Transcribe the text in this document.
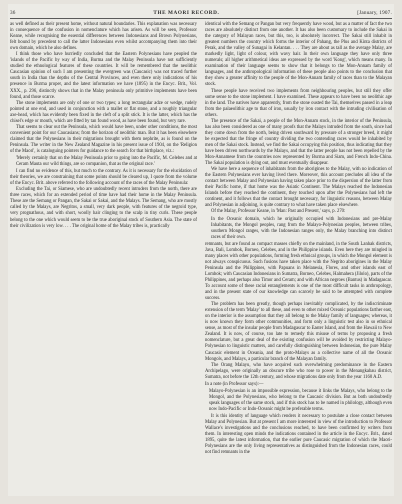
36	THE MAORI RECORD.	[January, 1907.

as well defined as their present home, without natural boundaries. This explanation was necessary in consequence of the confusion in nomenclature which has arisen. As will be seen, Professor Keane, while recognising the essential differences between Indonesians and Brown Polynesians, felt bound by precedent to call the latter Indonesians even whilst accompanying them into their own domain, which he also defines.

I think those who have hurriedly concluded that the Eastern Polynesians have peopled the 'islands of the Pacific by way of India, Burma and the Malay Peninsula have not sufficiently studied the ethnological features of these countries. It will be remembered that the neolithic Caucasian opinion of such I am presenting the evergreen was (Caucasic) was not traced further south in India than the depths of the Central Provinces, and even there only indications of his presence in Burma proper, and the latest information we have (1895) in the Encyc. Brit., Vol. XXX., p. 296, distinctly shows that in the Malay peninsula only primitive implements have been found, and those scarce.

The stone implements are only of one or two types; a long rectangular adze or wedge, rudely pointed at one end, and used in conjunction with a mallet or flat stone, and a roughly triangular axe-head, which has evidently been fixed in the cleft of a split stick. It is the latter, which has the chisel's edge or mouth, which are fitted by tan found wood, as have been found, but very rare.

That seems to clear out the Peninsula, which would have been, under other conditions, the most convenient point for our Caucasians; from the horizon of neolithic man. But it has been elsewhere claimed that the Polynesians in their migrations brought with them nephrite, as is found on the Peninsula. The writer in the New Zealand Magazine in his present issue of 1904, on the 'Religion of the Maori', is cataloguing pointers for guidance to the search for that birthplace, viz.:

'Merely certainly that on the Malay Peninsula prior to going into the Pacific, M. Celebes and at Ceram Mauta our wild things, are so companion, that as the original race.'

I can find no evidence of this, but much to the contrary. As it is necessary for the elucidation of their theories, we are constraining that some points should be cleared up, I quote from the volume of the Encyc. Brit. above referred to the following account of the races of the Malay Peninsula:

Excluding the Tai, or Siamese, who are undoubtedly recent intruders from the north, there are three races, which for an extended period of time have had their home in the Malay Peninsula. These are the Semang or Pangan, the Sakai or Sakai, and the Malays. The Semang, who are mostly called by the Malays, are Negritos, a small, very dark people, with features of the negroid type, very prognathous, and with short, woolly hair clinging to the scalp in tiny curls. These people belong to the one which would seem to be the true aboriginal stock of Southern Asia. The state of their civilization is very low. . . . The original home of the Malay tribes is, practically

identical with the Semang or Pangan but very frequently have wood, but as a matter of fact the two races are absolutely distinct from one another. It has also been customary to include the Sakai in the category of Malayan races, but this, too, is absolutely incorrect. The Sakai still inhabit in greatest numbers the country which forms the interior of Pahang, the Plus and Kinta districts of Perak, and the valley of Sunagai in Kelantan. . . . They are about as tall as the average Malay, are markedly light, light of colour, with wavy hair. In their own language they have only three numerals; all higher arithmetical ideas are expressed by the word 'Kong', which means many. In examination of their language seems to show that it belongs to the Mon-Annam family of languages, and the anthropological information of these people also points to the conclusion that they show a greater affinity to the people of the Mon-Annam family of races than to the Malayan stock.

These people have received two implements from neighbouring peoples, but still they offer some sense to the stone implement. I have examined. These appears to have been no neolithic age in the land. The natives have apparently, from the stone ousted the Tai, themselves passed in a leap from the palaeolithic age to that of iron, usually by iron contact with the intruding civilisation of others.

The presence of the Sakai, a people of the Mon-Annam stock, in the interior of the Peninsula, has also been considered as one of many proofs that the Malays intruded from the south, since had they come down from the north, being driven southward by pressure of a stronger breed, it might be expected that the fringe of country dividing the two contending races would be inhabited by men of the Sakai stock. Instead, we find the Sakai occupying this position, thus indicating that they have been driven northwards by the Malays, and that the latter people has not been repelled by the Mon-Annamese from the countries now represented by Burma and Siam, and French Indo-China. The Sakai population is dying out, and must eventually disappear.

We have here a sequence of inhabitants from the aborigines to the Malay, with no indication of the Eastern Polynesians ever having lived there. Moreover, this account precludes all idea of the contact between Malay and Polynesian having taken place prior to the dispersion of the latter from their Pacific home, if that home was the Asiatic Continent. The Malays reached the Indonesian Islands before they reached the continent, they touched upon after the Polynesians had left the continent, and it follows that the contact brought necessary, for linguistic reasons, between Malay and Polynesian in adjoining, is quite contrary to what have taken place elsewhere.

Of the Malay, Professor Keane, in 'Man: Past and Present,' says, p. 270:

In the Oceanic domain, which he originally occupied with Indonesians and pre-Malay Inhabitants, the Mongol peoples, rang from the Malayo-Polynesian peoples, between tribes, southern Mongol ranges, with the Indonesian ranges only, the Malay branching into distinct races of their own.

remnants, but are found as compact masses chiefly on the mainland, in the South Lanhak districts, Java, Bali, Lombok, Borneo, Celebes, and in the Philippine islands. Even here they are mingled in many places with other populations, forming fresh ethnical groups, in which the Mongol element is not always conspicuous. Such fusions have taken place with the Negrito aborigines in the Malay Peninsula and the Philippines, with Papuans in Melanesia, Flores, and other islands east of Lombok; with Caucasian Indonesians in Sumatra, Borneo, Celebes, Halmahera (Jilolo), parts of the Philippines, and perhaps also Timor and Ceram; and with African negroes (Bantus) in Madagascar. To account some of these racial entanglements is one of the most difficult tasks in anthropology, and in the present state of our knowledge can scarcely be said to be attempted with complete success.

The problem has been greatly, though perhaps inevitably complicated, by the indiscriminate extension of the term 'Malay' to all these, and even to other mixed Oceanic populations farther east, on the interior is the assumption that they all belong to the Malay family of languages; whereas, it is now known they form other communities, and form only a linguistic test also in so ethnical sense, as most of the insular people from Madagascar to Easter Island, and from the Hawaii to New Zealand. It is now, of course, too late to remedy this misuse of terms by proposing a fresh nomenclature, but a great deal of the existing confusion will be avoided by restricting Malayo-Polynesian to linguistic matters, and carefully distinguishing between Indonesian, the pure Malay Caucasic element in Oceania, and the proto-Malays as a collective name of all the Oceanic Mongols, and Malays, a particular branch of the Malayan family.

The Orang Malayu, who have acquired such overwhelming predominance in the Eastern Archipelago, were originally an obscure tribe who rose to power in the Menangkabau district, Sumatra, not before the 12th century, and whose migrations date only from the year 1160 A.D.

In a note (in Professor says):—

Malayo-Polynesian is an impossible expression, because it links the Malays, who belong to the Mongol, and the Polynesians, who belong to the Caucasic division. But as both undoubtedly speak languages of the same stock, and if this stock has to be named in philology, although even now Indo-Pacific or Indo-Oceanic might be preferable terms.

It is this identity of language which renders it necessary to postulate a close contact between Malay and Polynesian. But at present I am more interested in view of the introduction to Professor Wallace's investigations and the conclusions reached, to have been confirmed by writers from them. In interesting open minds the indications contained in the article in the Encyc. Brit., dated 1895, quite the latest information, that the earlier pure Caucasic migration of which the Maori-Polynesians are the only living representatives as distinguished from the Indonesian races, could not find remnants in the
